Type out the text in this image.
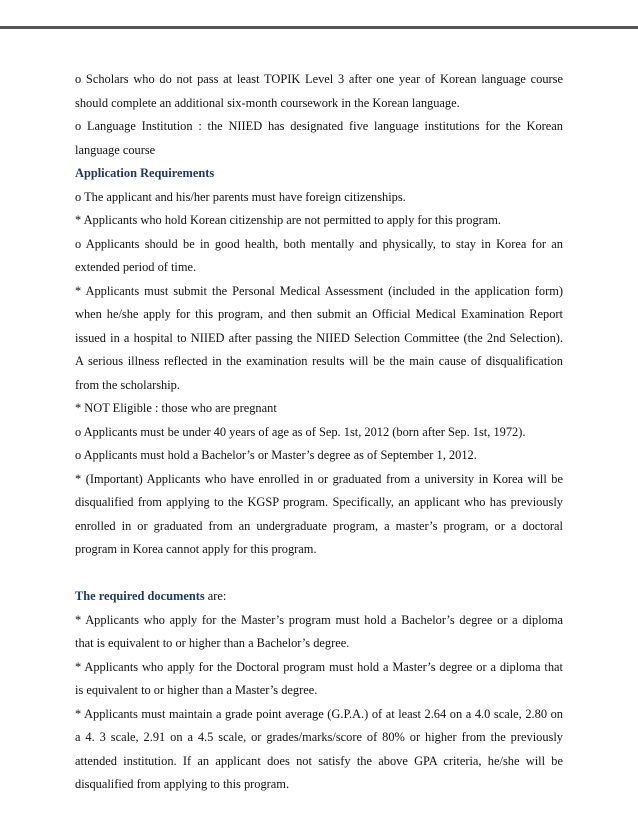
o Scholars who do not pass at least TOPIK Level 3 after one year of Korean language course
should complete an additional six-month coursework in the Korean language.
o Language Institution : the NIIED has designated five language institutions for the Korean
language course
Application Requirements
o The applicant and his/her parents must have foreign citizenships.
* Applicants who hold Korean citizenship are not permitted to apply for this program.
o Applicants should be in good health, both mentally and physically, to stay in Korea for an
extended period of time.
* Applicants must submit the Personal Medical Assessment (included in the application form)
when he/she apply for this program, and then submit an Official Medical Examination Report
issued in a hospital to NIIED after passing the NIIED Selection Committee (the 2nd Selection).
A serious illness reflected in the examination results will be the main cause of disqualification
from the scholarship.
* NOT Eligible : those who are pregnant
o Applicants must be under 40 years of age as of Sep. 1st, 2012 (born after Sep. 1st, 1972).
o Applicants must hold a Bachelor’s or Master’s degree as of September 1, 2012.
* (Important) Applicants who have enrolled in or graduated from a university in Korea will be
disqualified from applying to the KGSP program. Specifically, an applicant who has previously
enrolled in or graduated from an undergraduate program, a master’s program, or a doctoral
program in Korea cannot apply for this program.
The required documents are:
* Applicants who apply for the Master’s program must hold a Bachelor’s degree or a diploma
that is equivalent to or higher than a Bachelor’s degree.
* Applicants who apply for the Doctoral program must hold a Master’s degree or a diploma that
is equivalent to or higher than a Master’s degree.
* Applicants must maintain a grade point average (G.P.A.) of at least 2.64 on a 4.0 scale, 2.80 on
a 4. 3 scale, 2.91 on a 4.5 scale, or grades/marks/score of 80% or higher from the previously
attended institution. If an applicant does not satisfy the above GPA criteria, he/she will be
disqualified from applying to this program.
